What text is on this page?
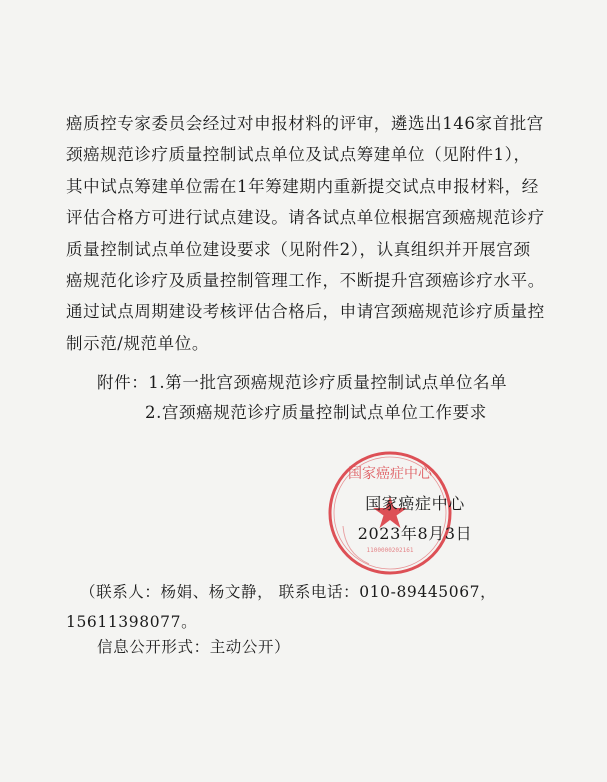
癌质控专家委员会经过对申报材料的评审，遴选出146家首批宫
颈癌规范诊疗质量控制试点单位及试点筹建单位（见附件1），
其中试点筹建单位需在1年筹建期内重新提交试点申报材料，经
评估合格方可进行试点建设。请各试点单位根据宫颈癌规范诊疗
质量控制试点单位建设要求（见附件2），认真组织并开展宫颈
癌规范化诊疗及质量控制管理工作，不断提升宫颈癌诊疗水平。
通过试点周期建设考核评估合格后，申请宫颈癌规范诊疗质量控
制示范/规范单位。
附件：1.第一批宫颈癌规范诊疗质量控制试点单位名单
2.宫颈癌规范诊疗质量控制试点单位工作要求
国家癌症中心
1100000202161
国家癌症中心
2023年8月3日
（联系人：杨娟、杨文静， 联系电话：010-89445067，
15611398077。
信息公开形式：主动公开）
